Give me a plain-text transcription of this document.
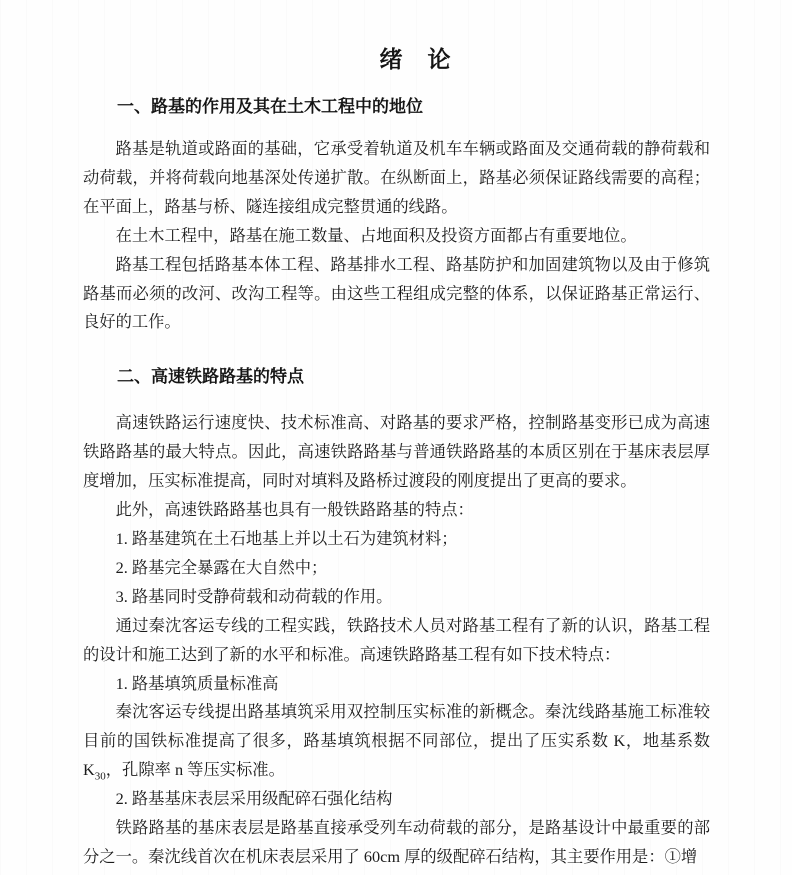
绪　论
一、路基的作用及其在土木工程中的地位

路基是轨道或路面的基础，它承受着轨道及机车车辆或路面及交通荷载的静荷载和动荷载，并将荷载向地基深处传递扩散。在纵断面上，路基必须保证路线需要的高程；在平面上，路基与桥、隧连接组成完整贯通的线路。

在土木工程中，路基在施工数量、占地面积及投资方面都占有重要地位。

路基工程包括路基本体工程、路基排水工程、路基防护和加固建筑物以及由于修筑路基而必须的改河、改沟工程等。由这些工程组成完整的体系，以保证路基正常运行、良好的工作。

二、高速铁路路基的特点

高速铁路运行速度快、技术标准高、对路基的要求严格，控制路基变形已成为高速铁路路基的最大特点。因此，高速铁路路基与普通铁路路基的本质区别在于基床表层厚度增加，压实标准提高，同时对填料及路桥过渡段的刚度提出了更高的要求。

此外，高速铁路路基也具有一般铁路路基的特点：

1. 路基建筑在土石地基上并以土石为建筑材料；

2. 路基完全暴露在大自然中；

3. 路基同时受静荷载和动荷载的作用。

通过秦沈客运专线的工程实践，铁路技术人员对路基工程有了新的认识，路基工程的设计和施工达到了新的水平和标准。高速铁路路基工程有如下技术特点：

1. 路基填筑质量标准高

秦沈客运专线提出路基填筑采用双控制压实标准的新概念。秦沈线路基施工标准较目前的国铁标准提高了很多，路基填筑根据不同部位，提出了压实系数 K，地基系数 $K_{30}$，孔隙率 n 等压实标准。

2. 路基基床表层采用级配碎石强化结构

铁路路基的基床表层是路基直接承受列车动荷载的部分，是路基设计中最重要的部分之一。秦沈线首次在机床表层采用了 60cm 厚的级配碎石结构，其主要作用是：①增
